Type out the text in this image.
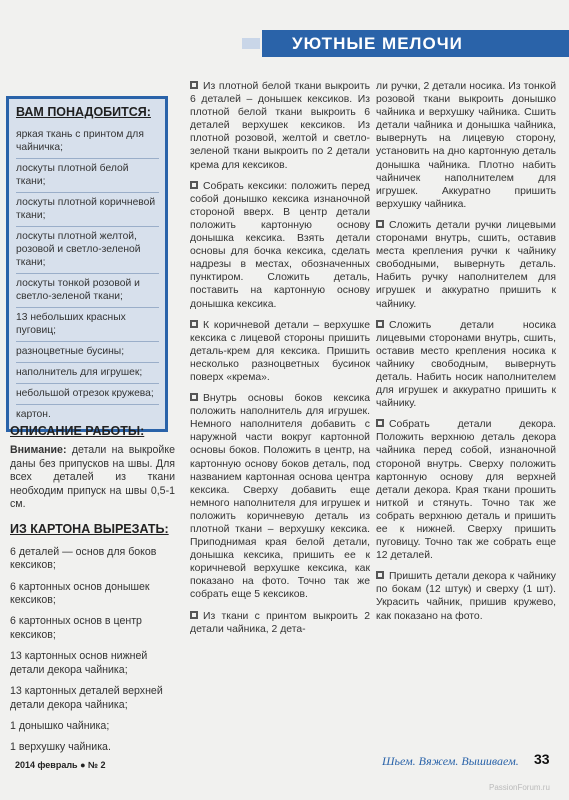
УЮТНЫЕ МЕЛОЧИ
ВАМ ПОНАДОБИТСЯ:
яркая ткань с принтом для чайничка;
лоскуты плотной белой ткани;
лоскуты плотной коричневой ткани;
лоскуты плотной желтой, розовой и светло-зеленой ткани;
лоскуты тонкой розовой и светло-зеленой ткани;
13 небольших красных пуговиц;
разноцветные бусины;
наполнитель для игрушек;
небольшой отрезок кружева;
картон.
ОПИСАНИЕ РАБОТЫ:
Внимание: детали на выкройке даны без припусков на швы. Для всех деталей из ткани необходим припуск на швы 0,5-1 см.
ИЗ КАРТОНА ВЫРЕЗАТЬ:
6 деталей — основ для боков кексиков;
6 картонных основ донышек кексиков;
6 картонных основ в центр кексиков;
13 картонных основ нижней детали декора чайника;
13 картонных деталей верхней детали декора чайника;
1 донышко чайника;
1 верхушку чайника.

Из плотной белой ткани выкроить 6 деталей – донышек кексиков. Из плотной белой ткани выкроить 6 деталей верхушек кексиков. Из плотной розовой, желтой и светло-зеленой ткани выкроить по 2 детали крема для кексиков.

Собрать кексики: положить перед собой донышко кексика изнаночной стороной вверх. В центр детали положить картонную основу донышка кексика. Взять детали основы для бочка кексика, сделать надрезы в местах, обозначенных пунктиром. Сложить деталь, поставить на картонную основу донышка кексика.

К коричневой детали – верхушке кексика с лицевой стороны пришить деталь-крем для кексика. Пришить несколько разноцветных бусинок поверх «крема».

Внутрь основы боков кексика положить наполнитель для игрушек. Немного наполнителя добавить с наружной части вокруг картонной основы боков. Положить в центр, на картонную основу боков деталь, под названием картонная основа центра кексика. Сверху добавить еще немного наполнителя для игрушек и положить коричневую деталь из плотной ткани – верхушку кексика. Приподнимая края белой детали, донышка кексика, пришить ее к коричневой верхушке кексика, как показано на фото. Точно так же собрать еще 5 кексиков.

Из ткани с принтом выкроить 2 детали чайника, 2 дета-

ли ручки, 2 детали носика. Из тонкой розовой ткани выкроить донышко чайника и верхушку чайника. Сшить детали чайника и донышка чайника, вывернуть на лицевую сторону, установить на дно картонную деталь донышка чайника. Плотно набить чайничек наполнителем для игрушек. Аккуратно пришить верхушку чайника.

Сложить детали ручки лицевыми сторонами внутрь, сшить, оставив места крепления ручки к чайнику свободными, вывернуть деталь. Набить ручку наполнителем для игрушек и аккуратно пришить к чайнику.

Сложить детали носика лицевыми сторонами внутрь, сшить, оставив место крепления носика к чайнику свободным, вывернуть деталь. Набить носик наполнителем для игрушек и аккуратно пришить к чайнику.

Собрать детали декора. Положить верхнюю деталь декора чайника перед собой, изнаночной стороной внутрь. Сверху положить картонную основу для верхней детали декора. Края ткани прошить ниткой и стянуть. Точно так же собрать верхнюю деталь и пришить ее к нижней. Сверху пришить пуговицу. Точно так же собрать еще 12 деталей.

Пришить детали декора к чайнику по бокам (12 штук) и сверху (1 шт). Украсить чайник, пришив кружево, как показано на фото.

2014 февраль ● № 2	Шьем. Вяжем. Вышиваем. 33
PassionForum.ru
